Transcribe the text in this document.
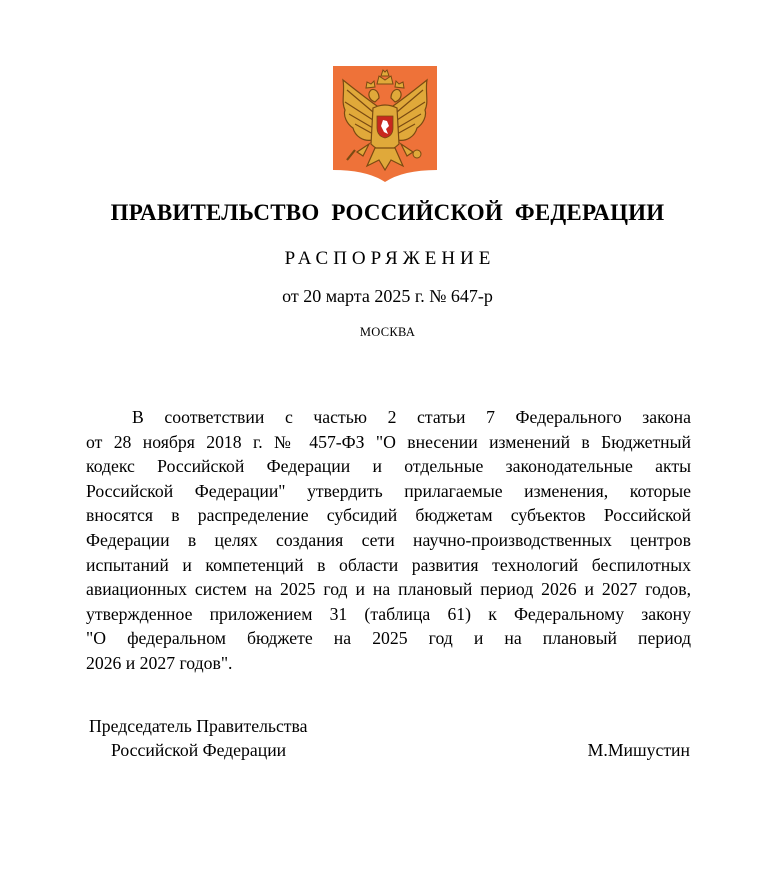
ПРАВИТЕЛЬСТВО РОССИЙСКОЙ ФЕДЕРАЦИИ
РАСПОРЯЖЕНИЕ
от 20 марта 2025 г. № 647-р
МОСКВА
В соответствии с частью 2 статьи 7 Федерального закона
от 28 ноября 2018 г. № 457-ФЗ "О внесении изменений в Бюджетный
кодекс Российской Федерации и отдельные законодательные акты
Российской Федерации" утвердить прилагаемые изменения, которые
вносятся в распределение субсидий бюджетам субъектов Российской
Федерации в целях создания сети научно-производственных центров
испытаний и компетенций в области развития технологий беспилотных
авиационных систем на 2025 год и на плановый период 2026 и 2027 годов,
утвержденное приложением 31 (таблица 61) к Федеральному закону
"О федеральном бюджете на 2025 год и на плановый период
2026 и 2027 годов".
Председатель Правительства
Российской Федерации	М.Мишустин
